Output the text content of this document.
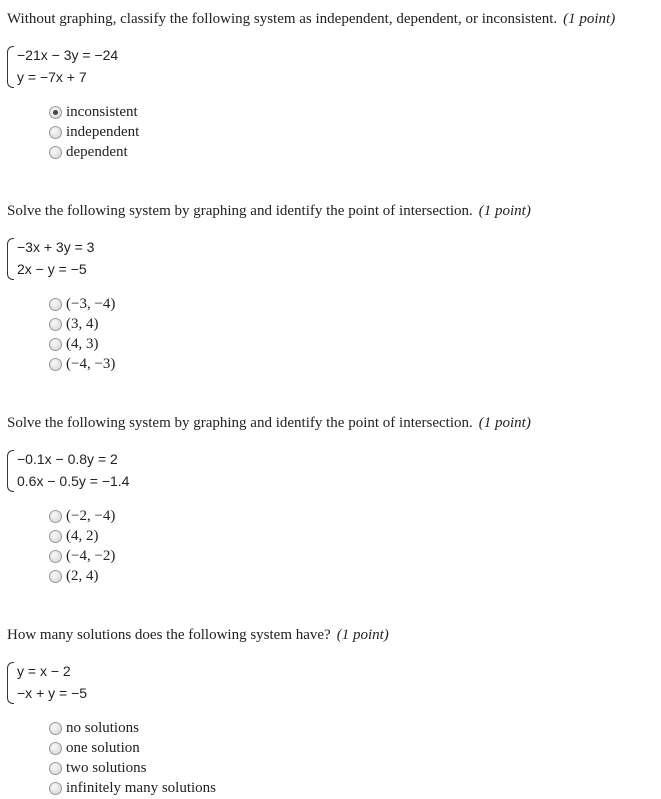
Without graphing, classify the following system as independent, dependent, or inconsistent. (1 point)
−21x − 3y = −24
y = −7x + 7
inconsistent
independent
dependent
Solve the following system by graphing and identify the point of intersection. (1 point)
−3x + 3y = 3
2x − y = −5
(−3, −4)
(3, 4)
(4, 3)
(−4, −3)
Solve the following system by graphing and identify the point of intersection. (1 point)
−0.1x − 0.8y = 2
0.6x − 0.5y = −1.4
(−2, −4)
(4, 2)
(−4, −2)
(2, 4)
How many solutions does the following system have? (1 point)
y = x − 2
−x + y = −5
no solutions
one solution
two solutions
infinitely many solutions
